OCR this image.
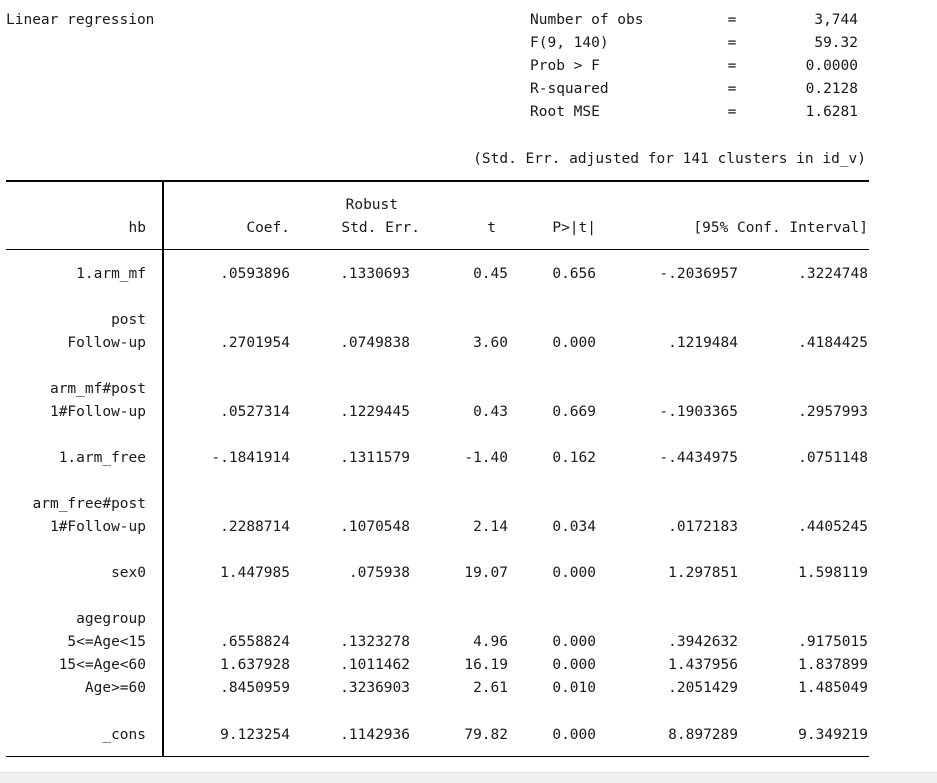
Linear regression	Number of obs	=	3,744
F(9, 140)	=	59.32
Prob > F	=	0.0000
R-squared	=	0.2128
Root MSE	=	1.6281
(Std. Err. adjusted for 141 clusters in id_v)
Robust
hb	Coef.	Std. Err.	t	P>|t|	[95% Conf. Interval]
1.arm_mf	.0593896	.1330693	0.45	0.656	-.2036957	.3224748
post
Follow-up	.2701954	.0749838	3.60	0.000	.1219484	.4184425
arm_mf#post
1#Follow-up	.0527314	.1229445	0.43	0.669	-.1903365	.2957993
1.arm_free	-.1841914	.1311579	-1.40	0.162	-.4434975	.0751148
arm_free#post
1#Follow-up	.2288714	.1070548	2.14	0.034	.0172183	.4405245
sex0	1.447985	.075938	19.07	0.000	1.297851	1.598119
agegroup
5<=Age<15	.6558824	.1323278	4.96	0.000	.3942632	.9175015
15<=Age<60	1.637928	.1011462	16.19	0.000	1.437956	1.837899
Age>=60	.8450959	.3236903	2.61	0.010	.2051429	1.485049
_cons	9.123254	.1142936	79.82	0.000	8.897289	9.349219
